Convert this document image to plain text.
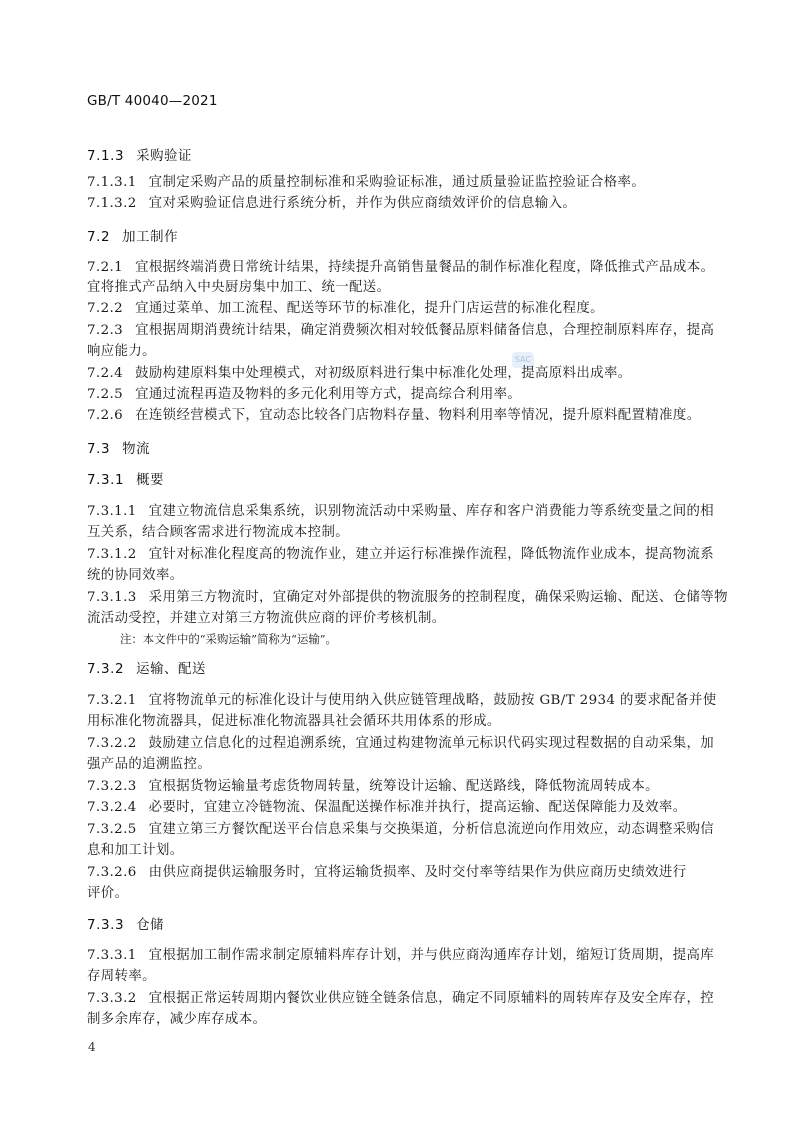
GB/T 40040—2021
SAC
7.1.3 采购验证
7.1.3.1 宜制定采购产品的质量控制标准和采购验证标准，通过质量验证监控验证合格率。
7.1.3.2 宜对采购验证信息进行系统分析，并作为供应商绩效评价的信息输入。
7.2 加工制作
7.2.1 宜根据终端消费日常统计结果，持续提升高销售量餐品的制作标准化程度，降低推式产品成本。
宜将推式产品纳入中央厨房集中加工、统一配送。
7.2.2 宜通过菜单、加工流程、配送等环节的标准化，提升门店运营的标准化程度。
7.2.3 宜根据周期消费统计结果，确定消费频次相对较低餐品原料储备信息，合理控制原料库存，提高
响应能力。
7.2.4 鼓励构建原料集中处理模式，对初级原料进行集中标准化处理，提高原料出成率。
7.2.5 宜通过流程再造及物料的多元化利用等方式，提高综合利用率。
7.2.6 在连锁经营模式下，宜动态比较各门店物料存量、物料利用率等情况，提升原料配置精准度。
7.3 物流
7.3.1 概要
7.3.1.1 宜建立物流信息采集系统，识别物流活动中采购量、库存和客户消费能力等系统变量之间的相
互关系，结合顾客需求进行物流成本控制。
7.3.1.2 宜针对标准化程度高的物流作业，建立并运行标准操作流程，降低物流作业成本，提高物流系
统的协同效率。
7.3.1.3 采用第三方物流时，宜确定对外部提供的物流服务的控制程度，确保采购运输、配送、仓储等物
流活动受控，并建立对第三方物流供应商的评价考核机制。
注：本文件中的“采购运输”简称为“运输”。
7.3.2 运输、配送
7.3.2.1 宜将物流单元的标准化设计与使用纳入供应链管理战略，鼓励按 GB/T 2934 的要求配备并使
用标准化物流器具，促进标准化物流器具社会循环共用体系的形成。
7.3.2.2 鼓励建立信息化的过程追溯系统，宜通过构建物流单元标识代码实现过程数据的自动采集，加
强产品的追溯监控。
7.3.2.3 宜根据货物运输量考虑货物周转量，统筹设计运输、配送路线，降低物流周转成本。
7.3.2.4 必要时，宜建立冷链物流、保温配送操作标准并执行，提高运输、配送保障能力及效率。
7.3.2.5 宜建立第三方餐饮配送平台信息采集与交换渠道，分析信息流逆向作用效应，动态调整采购信
息和加工计划。
7.3.2.6 由供应商提供运输服务时，宜将运输货损率、及时交付率等结果作为供应商历史绩效进行
评价。
7.3.3 仓储
7.3.3.1 宜根据加工制作需求制定原辅料库存计划，并与供应商沟通库存计划，缩短订货周期，提高库
存周转率。
7.3.3.2 宜根据正常运转周期内餐饮业供应链全链条信息，确定不同原辅料的周转库存及安全库存，控
制多余库存，减少库存成本。
4
